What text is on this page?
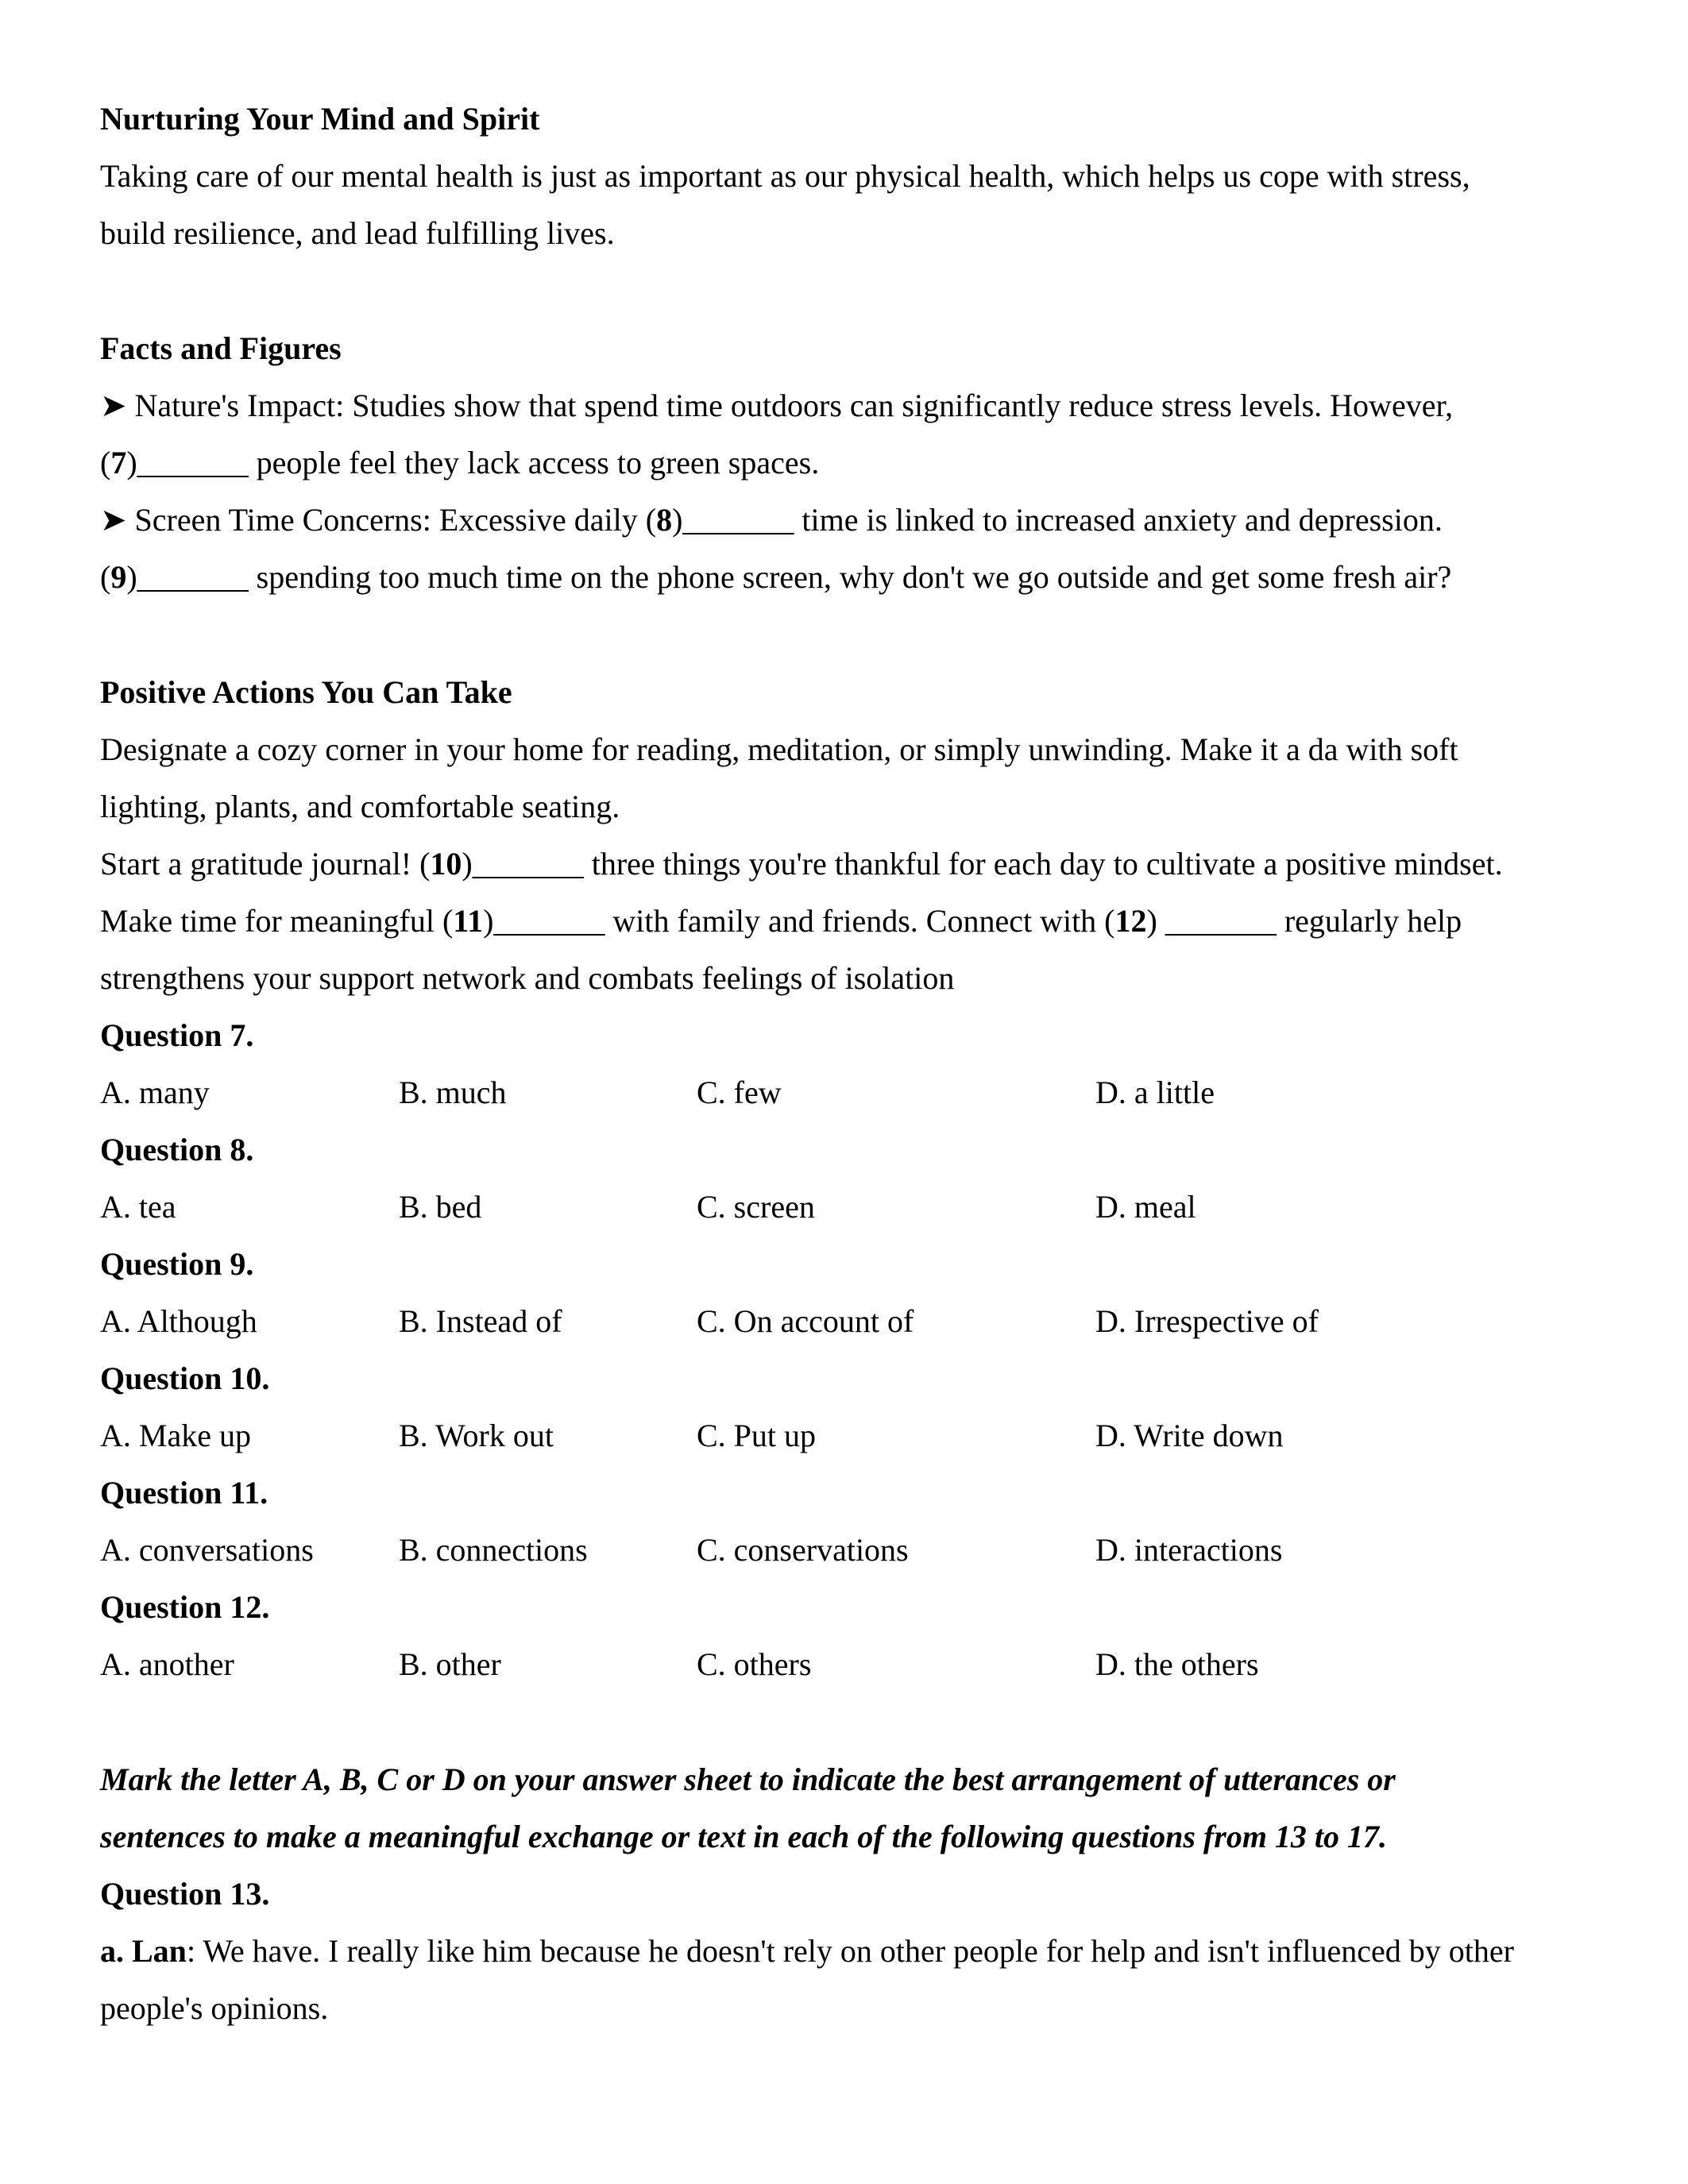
Nurturing Your Mind and Spirit
Taking care of our mental health is just as important as our physical health, which helps us cope with stress,
build resilience, and lead fulfilling lives.
Facts and Figures
➤ Nature's Impact: Studies show that spend time outdoors can significantly reduce stress levels. However,
(7)_______ people feel they lack access to green spaces.
➤ Screen Time Concerns: Excessive daily (8)_______ time is linked to increased anxiety and depression.
(9)_______ spending too much time on the phone screen, why don't we go outside and get some fresh air?
Positive Actions You Can Take
Designate a cozy corner in your home for reading, meditation, or simply unwinding. Make it a da with soft
lighting, plants, and comfortable seating.
Start a gratitude journal! (10)_______ three things you're thankful for each day to cultivate a positive mindset.
Make time for meaningful (11)_______ with family and friends. Connect with (12) _______ regularly help
strengthens your support network and combats feelings of isolation
Question 7.
A. many	B. much	C. few	D. a little
Question 8.
A. tea	B. bed	C. screen	D. meal
Question 9.
A. Although	B. Instead of	C. On account of	D. Irrespective of
Question 10.
A. Make up	B. Work out	C. Put up	D. Write down
Question 11.
A. conversations	B. connections	C. conservations	D. interactions
Question 12.
A. another	B. other	C. others	D. the others
Mark the letter A, B, C or D on your answer sheet to indicate the best arrangement of utterances or
sentences to make a meaningful exchange or text in each of the following questions from 13 to 17.
Question 13.
a. Lan: We have. I really like him because he doesn't rely on other people for help and isn't influenced by other
people's opinions.
